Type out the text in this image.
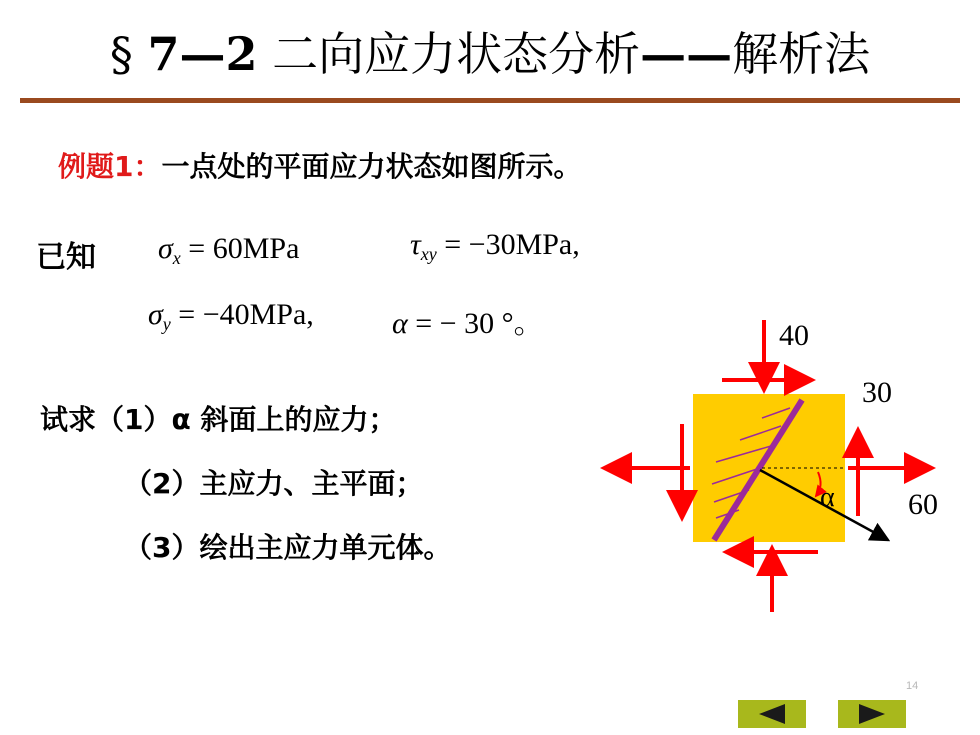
§ 7—2 二向应力状态分析——解析法
例题1：一点处的平面应力状态如图所示。
已知 $\sigma_x = 60MPa$	$\tau_{xy} = -30MPa$,
$\sigma_y = -40MPa$,	α = − 30 °。
试求（1）α 斜面上的应力；
（2）主应力、主平面；
（3）绘出主应力单元体。
40
30
60
α
14
